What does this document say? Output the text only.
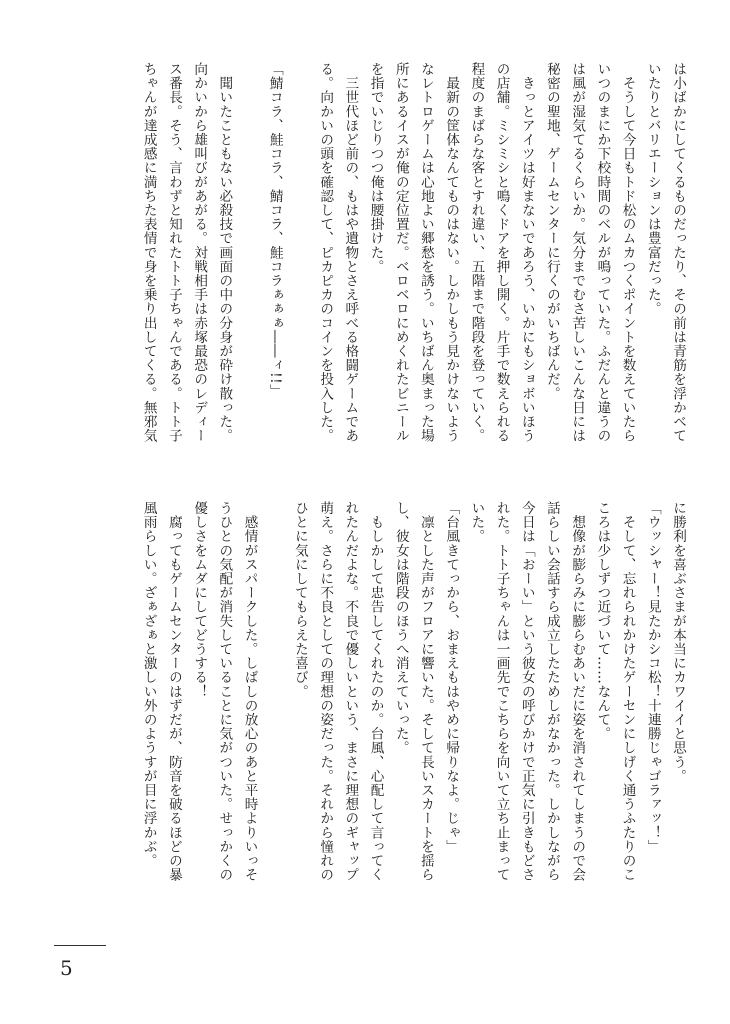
は小ばかにしてくるものだったり、その前は青筋を浮かべて

いたりとバリエーションは豊富だった。

　そうして今日もトド松のムカつくポイントを数えていたら

いつのまにか下校時間のベルが鳴っていた。ふだんと違うの

は風が湿気てるくらいか。気分までむさ苦しいこんな日には

秘密の聖地、ゲームセンターに行くのがいちばんだ。

　きっとアイツは好まないであろう、いかにもショボいほう

の店舗。ミシミシと鳴くドアを押し開く。片手で数えられる

程度のまばらな客とすれ違い、五階まで階段を登っていく。

　最新の筐体なんてものはない。しかしもう見かけないよう

なレトロゲームは心地よい郷愁を誘う。いちばん奥まった場

所にあるイスが俺の定位置だ。ベロベロにめくれたビニール

を指でいじりつつ俺は腰掛けた。

　三世代ほど前の、もはや遺物とさえ呼べる格闘ゲームであ

る。向かいの頭を確認して、ピカピカのコインを投入した。

「鯖コラ、鮭コラ、鯖コラ、鮭コラぁぁぁ――ィ!!」

　聞いたこともない必殺技で画面の中の分身が砕け散った。

向かいから雄叫びがあがる。対戦相手は赤塚最恐のレディー

ス番長。そう、言わずと知れたトト子ちゃんである。トト子

ちゃんが達成感に満ちた表情で身を乗り出してくる。無邪気

に勝利を喜ぶさまが本当にカワイイと思う。

「ウッシャー！見たかシコ松！十連勝じゃゴラァッ！」

　そして、忘れられかけたゲーセンにしげく通うふたりのこ

ころは少しずつ近づいて……なんて。

　想像が膨らみに膨らむあいだに姿を消されてしまうので会

話らしい会話すら成立したためしがなかった。しかしながら

今日は「おーい」という彼女の呼びかけで正気に引きもどさ

れた。トト子ちゃんは一画先でこちらを向いて立ち止まって

いた。

「台風きてっから、おまえもはやめに帰りなよ。じゃ」

　凛とした声がフロアに響いた。そして長いスカートを揺ら

し、彼女は階段のほうへ消えていった。

　もしかして忠告してくれたのか。台風、心配して言ってく

れたんだよな。不良で優しいという、まさに理想のギャップ

萌え。さらに不良としての理想の姿だった。それから憧れの

ひとに気にしてもらえた喜び。

　感情がスパークした。しばしの放心のあと平時よりいっそ

うひとの気配が消失していることに気がついた。せっかくの

優しさをムダにしてどうする！

　腐ってもゲームセンターのはずだが、防音を破るほどの暴

風雨らしい。ざぁざぁと激しい外のようすが目に浮かぶ。

5
